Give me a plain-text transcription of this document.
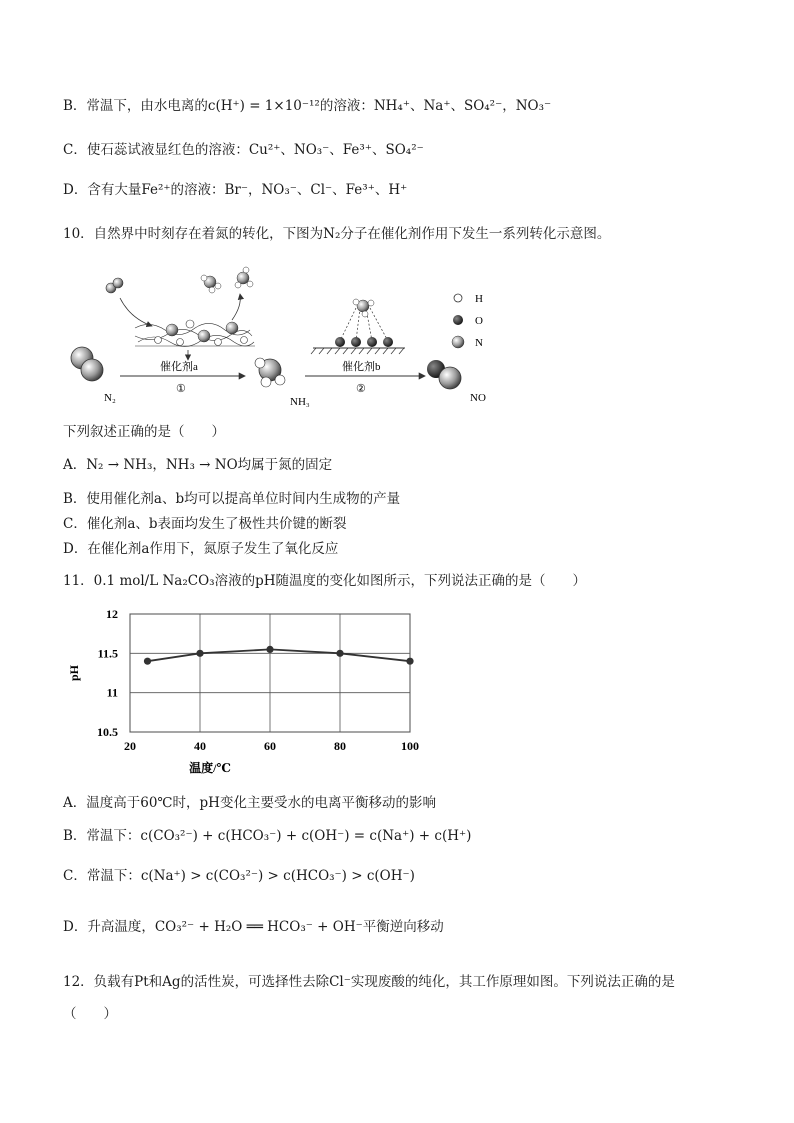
B．常温下，由水电离的c(H⁺) = 1×10⁻¹²的溶液：NH₄⁺、Na⁺、SO₄²⁻，NO₃⁻
C．使石蕊试液显红色的溶液：Cu²⁺、NO₃⁻、Fe³⁺、SO₄²⁻
D．含有大量Fe²⁺的溶液：Br⁻，NO₃⁻、Cl⁻、Fe³⁺、H⁺
10．自然界中时刻存在着氮的转化，下图为N₂分子在催化剂作用下发生一系列转化示意图。
N₂
催化剂a
①
NH₃
催化剂b
②
NO
H
O
N
下列叙述正确的是（　　）
A．N₂ → NH₃，NH₃ → NO均属于氮的固定
B．使用催化剂a、b均可以提高单位时间内生成物的产量
C．催化剂a、b表面均发生了极性共价键的断裂
D．在催化剂a作用下，氮原子发生了氧化反应
11．0.1 mol/L Na₂CO₃溶液的pH随温度的变化如图所示，下列说法正确的是（　　）
20	40	60	80	100
10.5
11
11.5
12
温度/℃
pH
A．温度高于60℃时，pH变化主要受水的电离平衡移动的影响
B．常温下：c(CO₃²⁻) + c(HCO₃⁻) + c(OH⁻) = c(Na⁺) + c(H⁺)
C．常温下：c(Na⁺) > c(CO₃²⁻) > c(HCO₃⁻) > c(OH⁻)
D．升高温度，CO₃²⁻ + H₂O ══ HCO₃⁻ + OH⁻平衡逆向移动
12．负载有Pt和Ag的活性炭，可选择性去除Cl⁻实现废酸的纯化，其工作原理如图。下列说法正确的是
（　　）
